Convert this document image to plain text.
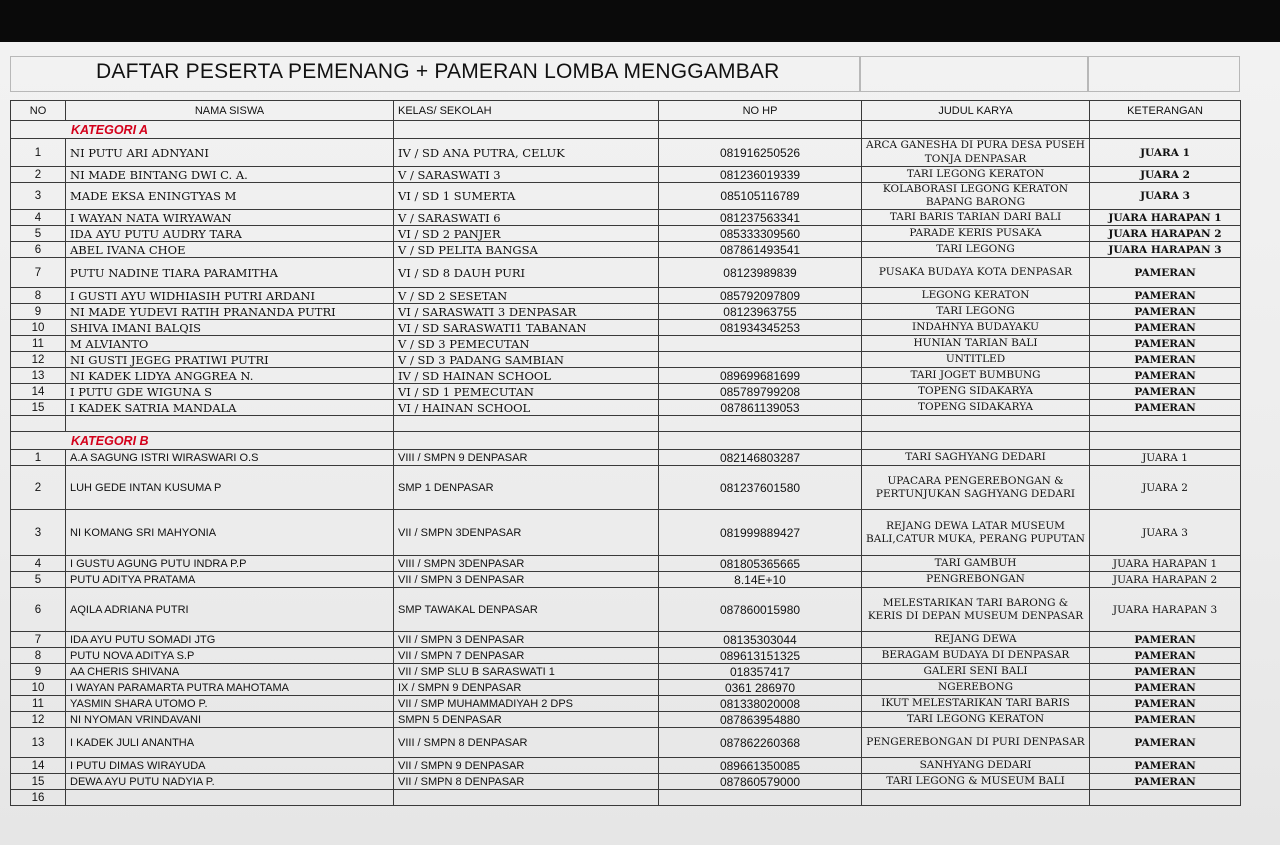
DAFTAR PESERTA PEMENANG + PAMERAN LOMBA MENGGAMBAR
NO	NAMA SISWA	KELAS/ SEKOLAH	NO HP	JUDUL KARYA	KETERANGAN
KATEGORI A					
1	NI PUTU ARI ADNYANI	IV / SD ANA PUTRA, CELUK	081916250526	ARCA GANESHA DI PURA DESA PUSEH TONJA DENPASAR	JUARA 1
2	NI MADE BINTANG DWI C. A.	V / SARASWATI 3	081236019339	TARI LEGONG KERATON	JUARA 2
3	MADE EKSA ENINGTYAS M	VI / SD 1 SUMERTA	085105116789	KOLABORASI LEGONG KERATON BAPANG BARONG	JUARA 3
4	I WAYAN NATA WIRYAWAN	V / SARASWATI 6	081237563341	TARI BARIS TARIAN DARI BALI	JUARA HARAPAN 1
5	IDA AYU PUTU AUDRY TARA	VI / SD 2 PANJER	085333309560	PARADE KERIS PUSAKA	JUARA HARAPAN 2
6	ABEL IVANA CHOE	V / SD PELITA BANGSA	087861493541	TARI LEGONG	JUARA HARAPAN 3
7	PUTU NADINE TIARA PARAMITHA	VI / SD 8 DAUH PURI	08123989839	PUSAKA BUDAYA KOTA DENPASAR	PAMERAN
8	I GUSTI AYU WIDHIASIH PUTRI ARDANI	V / SD 2 SESETAN	085792097809	LEGONG KERATON	PAMERAN
9	NI MADE YUDEVI RATIH PRANANDA PUTRI	VI / SARASWATI 3 DENPASAR	08123963755	TARI LEGONG	PAMERAN
10	SHIVA IMANI BALQIS	VI / SD SARASWATI1 TABANAN	081934345253	INDAHNYA BUDAYAKU	PAMERAN
11	M ALVIANTO	V / SD 3 PEMECUTAN		HUNIAN TARIAN BALI	PAMERAN
12	NI GUSTI JEGEG PRATIWI PUTRI	V / SD 3 PADANG SAMBIAN		UNTITLED	PAMERAN
13	NI KADEK LIDYA ANGGREA N.	IV / SD HAINAN SCHOOL	089699681699	TARI JOGET BUMBUNG	PAMERAN
14	I PUTU GDE WIGUNA S	VI / SD 1 PEMECUTAN	085789799208	TOPENG SIDAKARYA	PAMERAN
15	I KADEK SATRIA MANDALA	VI / HAINAN SCHOOL	087861139053	TOPENG SIDAKARYA	PAMERAN

KATEGORI B					
1	A.A SAGUNG ISTRI WIRASWARI O.S	VIII / SMPN 9 DENPASAR	082146803287	TARI SAGHYANG DEDARI	JUARA 1
2	LUH GEDE INTAN KUSUMA P	SMP 1 DENPASAR	081237601580	UPACARA PENGEREBONGAN & PERTUNJUKAN SAGHYANG DEDARI	JUARA 2
3	NI KOMANG SRI MAHYONIA	VII / SMPN 3DENPASAR	081999889427	REJANG DEWA LATAR MUSEUM BALI,CATUR MUKA, PERANG PUPUTAN	JUARA 3
4	I GUSTU AGUNG PUTU INDRA P.P	VIII / SMPN 3DENPASAR	081805365665	TARI GAMBUH	JUARA HARAPAN 1
5	PUTU ADITYA PRATAMA	VII / SMPN 3 DENPASAR	8.14E+10	PENGREBONGAN	JUARA HARAPAN 2
6	AQILA ADRIANA PUTRI	SMP TAWAKAL DENPASAR	087860015980	MELESTARIKAN TARI BARONG & KERIS DI DEPAN MUSEUM DENPASAR	JUARA HARAPAN 3
7	IDA AYU PUTU SOMADI JTG	VII / SMPN 3 DENPASAR	08135303044	REJANG DEWA	PAMERAN
8	PUTU NOVA ADITYA S.P	VII / SMPN 7 DENPASAR	089613151325	BERAGAM BUDAYA DI DENPASAR	PAMERAN
9	AA CHERIS SHIVANA	VII / SMP SLU B SARASWATI 1	018357417	GALERI SENI BALI	PAMERAN
10	I WAYAN PARAMARTA PUTRA MAHOTAMA	IX / SMPN 9 DENPASAR	0361 286970	NGEREBONG	PAMERAN
11	YASMIN SHARA UTOMO P.	VII / SMP MUHAMMADIYAH 2 DPS	081338020008	IKUT MELESTARIKAN TARI BARIS	PAMERAN
12	NI NYOMAN VRINDAVANI	SMPN 5 DENPASAR	087863954880	TARI LEGONG KERATON	PAMERAN
13	I KADEK JULI ANANTHA	VIII / SMPN 8 DENPASAR	087862260368	PENGEREBONGAN DI PURI DENPASAR	PAMERAN
14	I PUTU DIMAS WIRAYUDA	VII / SMPN 9 DENPASAR	089661350085	SANHYANG DEDARI	PAMERAN
15	DEWA AYU PUTU NADYIA P.	VII / SMPN 8 DENPASAR	087860579000	TARI LEGONG & MUSEUM BALI	PAMERAN
16					
